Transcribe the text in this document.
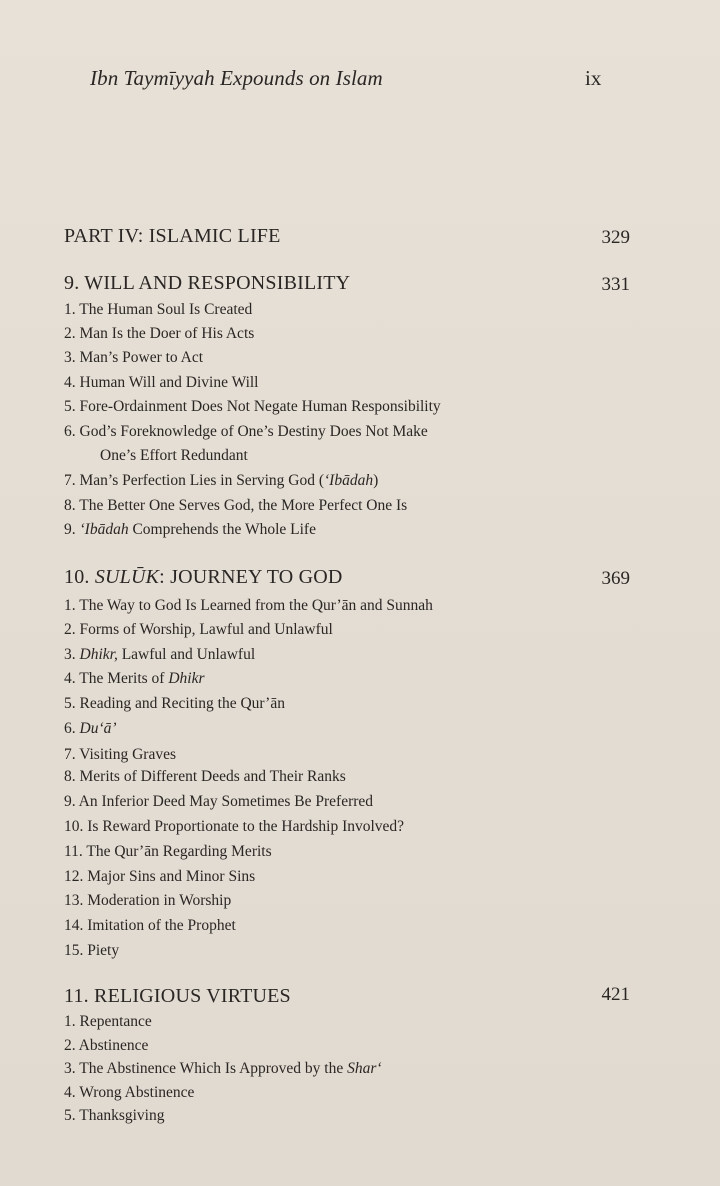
Ibn Taymīyyah Expounds on Islam	ix
PART IV: ISLAMIC LIFE	329
9. WILL AND RESPONSIBILITY	331
1. The Human Soul Is Created
2. Man Is the Doer of His Acts
3. Man’s Power to Act
4. Human Will and Divine Will
5. Fore-Ordainment Does Not Negate Human Responsibility
6. God’s Foreknowledge of One’s Destiny Does Not Make
One’s Effort Redundant
7. Man’s Perfection Lies in Serving God (‘Ibādah)
8. The Better One Serves God, the More Perfect One Is
9. ‘Ibādah Comprehends the Whole Life
10. SULŪK: JOURNEY TO GOD	369
1. The Way to God Is Learned from the Qur’ān and Sunnah
2. Forms of Worship, Lawful and Unlawful
3. Dhikr, Lawful and Unlawful
4. The Merits of Dhikr
5. Reading and Reciting the Qur’ān
6. Du‘ā’
7. Visiting Graves
8. Merits of Different Deeds and Their Ranks
9. An Inferior Deed May Sometimes Be Preferred
10. Is Reward Proportionate to the Hardship Involved?
11. The Qur’ān Regarding Merits
12. Major Sins and Minor Sins
13. Moderation in Worship
14. Imitation of the Prophet
15. Piety
11. RELIGIOUS VIRTUES	421
1. Repentance
2. Abstinence
3. The Abstinence Which Is Approved by the Shar‘
4. Wrong Abstinence
5. Thanksgiving
